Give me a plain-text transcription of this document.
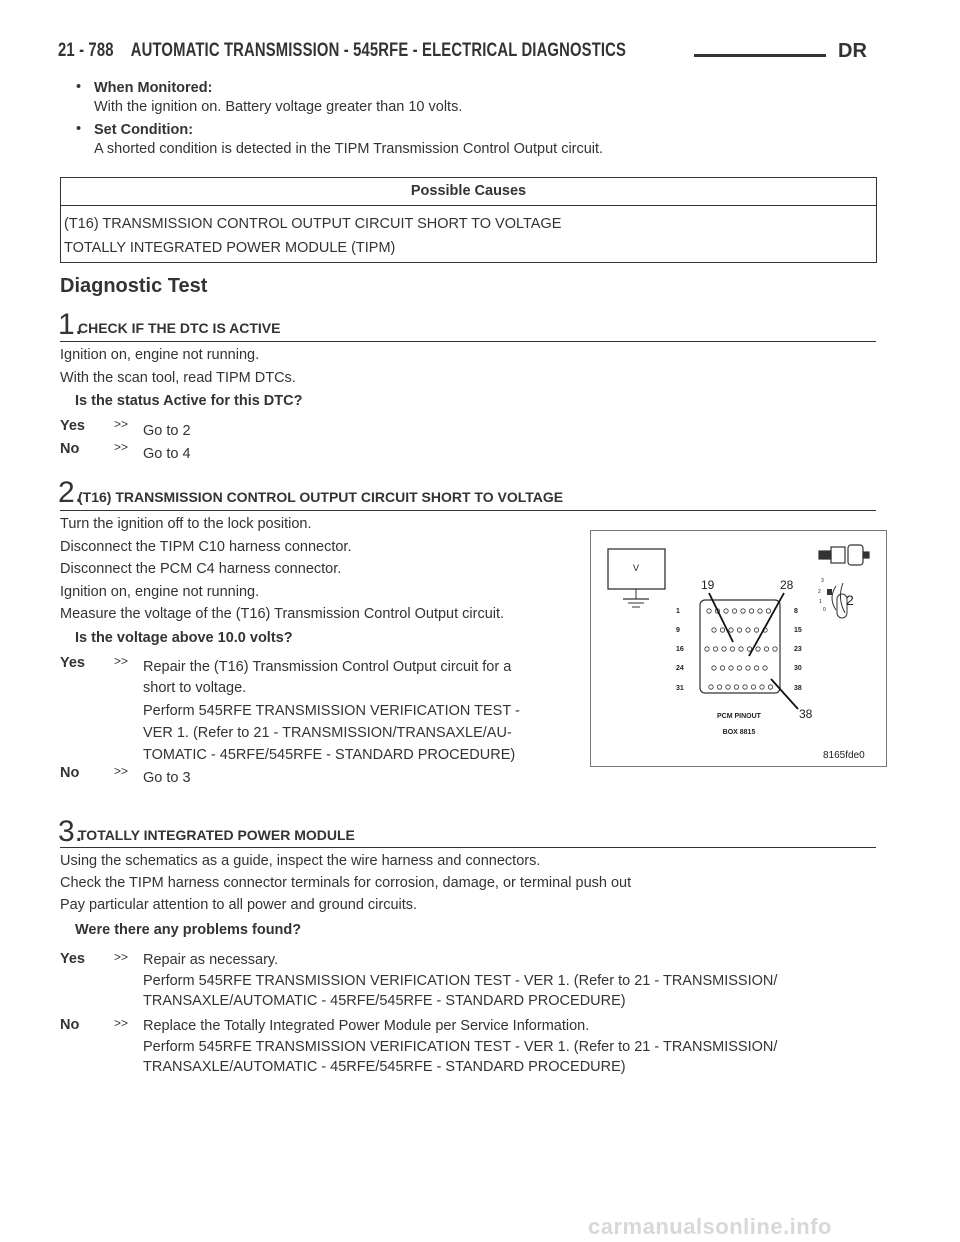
21 - 788 AUTOMATIC TRANSMISSION - 545RFE - ELECTRICAL DIAGNOSTICS	DR
• When Monitored:
With the ignition on. Battery voltage greater than 10 volts.
• Set Condition:
A shorted condition is detected in the TIPM Transmission Control Output circuit.
Possible Causes
(T16) TRANSMISSION CONTROL OUTPUT CIRCUIT SHORT TO VOLTAGE
TOTALLY INTEGRATED POWER MODULE (TIPM)
Diagnostic Test
1.
CHECK IF THE DTC IS ACTIVE
Ignition on, engine not running.
With the scan tool, read TIPM DTCs.
Is the status Active for this DTC?
Yes >> Go to 2
No	>> Go to 4
2.
(T16) TRANSMISSION CONTROL OUTPUT CIRCUIT SHORT TO VOLTAGE
Turn the ignition off to the lock position.
Disconnect the TIPM C10 harness connector.
Disconnect the PCM C4 harness connector.
Ignition on, engine not running.
Measure the voltage of the (T16) Transmission Control Output circuit.
Is the voltage above 10.0 volts?
Yes >> Repair the (T16) Transmission Control Output circuit for a
short to voltage.
Perform 545RFE TRANSMISSION VERIFICATION TEST -
VER 1. (Refer to 21 - TRANSMISSION/TRANSAXLE/AU-
TOMATIC - 45RFE/545RFE - STANDARD PROCEDURE)
No	>> Go to 3
V
3
2
1
0
2
1
9
16
24
31
8
15
23
30
38
19	28
38
PCM PINOUT
BOX 8815
8165fde0
3.
TOTALLY INTEGRATED POWER MODULE
Using the schematics as a guide, inspect the wire harness and connectors.
Check the TIPM harness connector terminals for corrosion, damage, or terminal push out
Pay particular attention to all power and ground circuits.
Were there any problems found?
Yes >> Repair as necessary.
Perform 545RFE TRANSMISSION VERIFICATION TEST - VER 1. (Refer to 21 - TRANSMISSION/
TRANSAXLE/AUTOMATIC - 45RFE/545RFE - STANDARD PROCEDURE)
No	>> Replace the Totally Integrated Power Module per Service Information.
Perform 545RFE TRANSMISSION VERIFICATION TEST - VER 1. (Refer to 21 - TRANSMISSION/
TRANSAXLE/AUTOMATIC - 45RFE/545RFE - STANDARD PROCEDURE)
carmanualsonline.info
